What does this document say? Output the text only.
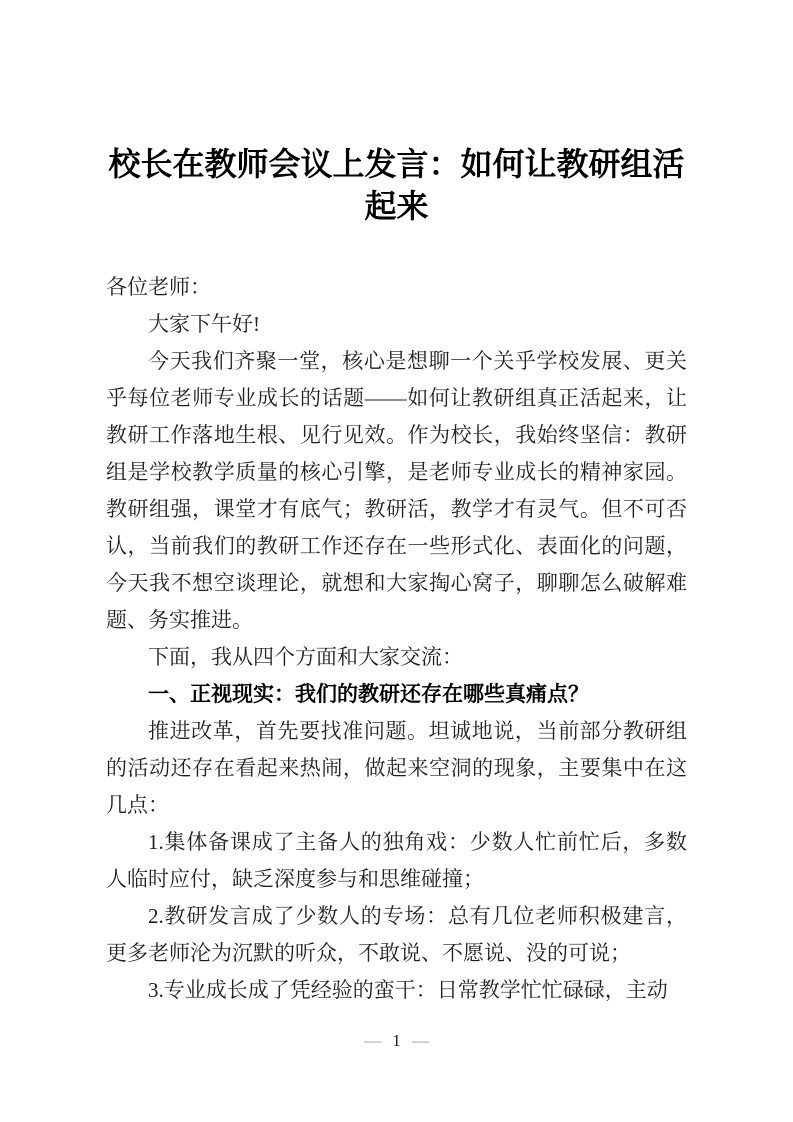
校长在教师会议上发言：如何让教研组活起来

各位老师：

大家下午好!

今天我们齐聚一堂，核心是想聊一个关乎学校发展、更关乎每位老师专业成长的话题——如何让教研组真正活起来，让教研工作落地生根、见行见效。作为校长，我始终坚信：教研组是学校教学质量的核心引擎，是老师专业成长的精神家园。教研组强，课堂才有底气；教研活，教学才有灵气。但不可否认，当前我们的教研工作还存在一些形式化、表面化的问题，今天我不想空谈理论，就想和大家掏心窝子，聊聊怎么破解难题、务实推进。

下面，我从四个方面和大家交流：

一、正视现实：我们的教研还存在哪些真痛点？

推进改革，首先要找准问题。坦诚地说，当前部分教研组的活动还存在看起来热闹，做起来空洞的现象，主要集中在这几点：

1.集体备课成了主备人的独角戏：少数人忙前忙后，多数人临时应付，缺乏深度参与和思维碰撞；

2.教研发言成了少数人的专场：总有几位老师积极建言，更多老师沦为沉默的听众，不敢说、不愿说、没的可说；

3.专业成长成了凭经验的蛮干：日常教学忙忙碌碌，主动

— 1 —
